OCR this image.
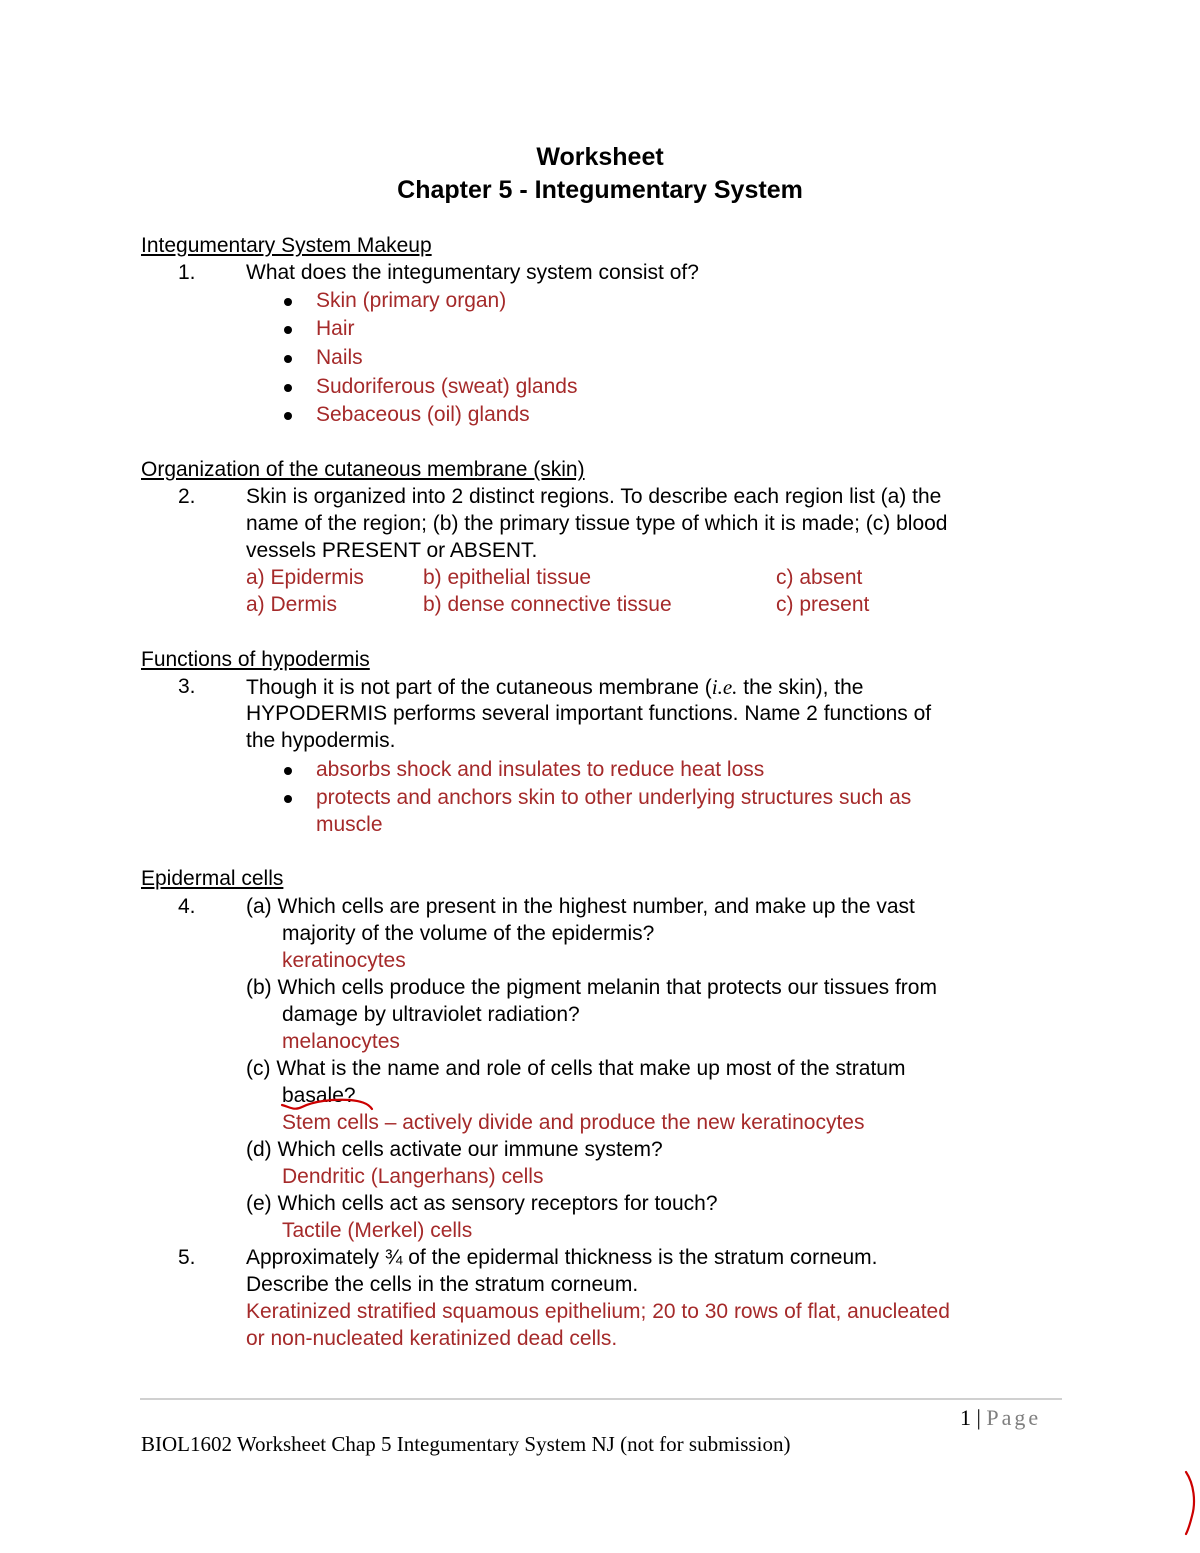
Worksheet
Chapter 5 - Integumentary System
Integumentary System Makeup
1. What does the integumentary system consist of?
Skin (primary organ)
Hair
Nails
Sudoriferous (sweat) glands
Sebaceous (oil) glands
Organization of the cutaneous membrane (skin)
2. Skin is organized into 2 distinct regions. To describe each region list (a) the
name of the region; (b) the primary tissue type of which it is made; (c) blood
vessels PRESENT or ABSENT.
a) Epidermis	b) epithelial tissue	c) absent
a) Dermis	b) dense connective tissue	c) present
Functions of hypodermis
3. Though it is not part of the cutaneous membrane (i.e. the skin), the
HYPODERMIS performs several important functions. Name 2 functions of
the hypodermis.
absorbs shock and insulates to reduce heat loss
protects and anchors skin to other underlying structures such as
muscle
Epidermal cells
4. (a) Which cells are present in the highest number, and make up the vast
majority of the volume of the epidermis?
keratinocytes
(b) Which cells produce the pigment melanin that protects our tissues from
damage by ultraviolet radiation?
melanocytes
(c) What is the name and role of cells that make up most of the stratum
basale?
Stem cells – actively divide and produce the new keratinocytes
(d) Which cells activate our immune system?
Dendritic (Langerhans) cells
(e) Which cells act as sensory receptors for touch?
Tactile (Merkel) cells
5. Approximately ¾ of the epidermal thickness is the stratum corneum.
Describe the cells in the stratum corneum.
Keratinized stratified squamous epithelium; 20 to 30 rows of flat, anucleated
or non-nucleated keratinized dead cells.
1 | Page
BIOL1602 Worksheet Chap 5 Integumentary System NJ (not for submission)
